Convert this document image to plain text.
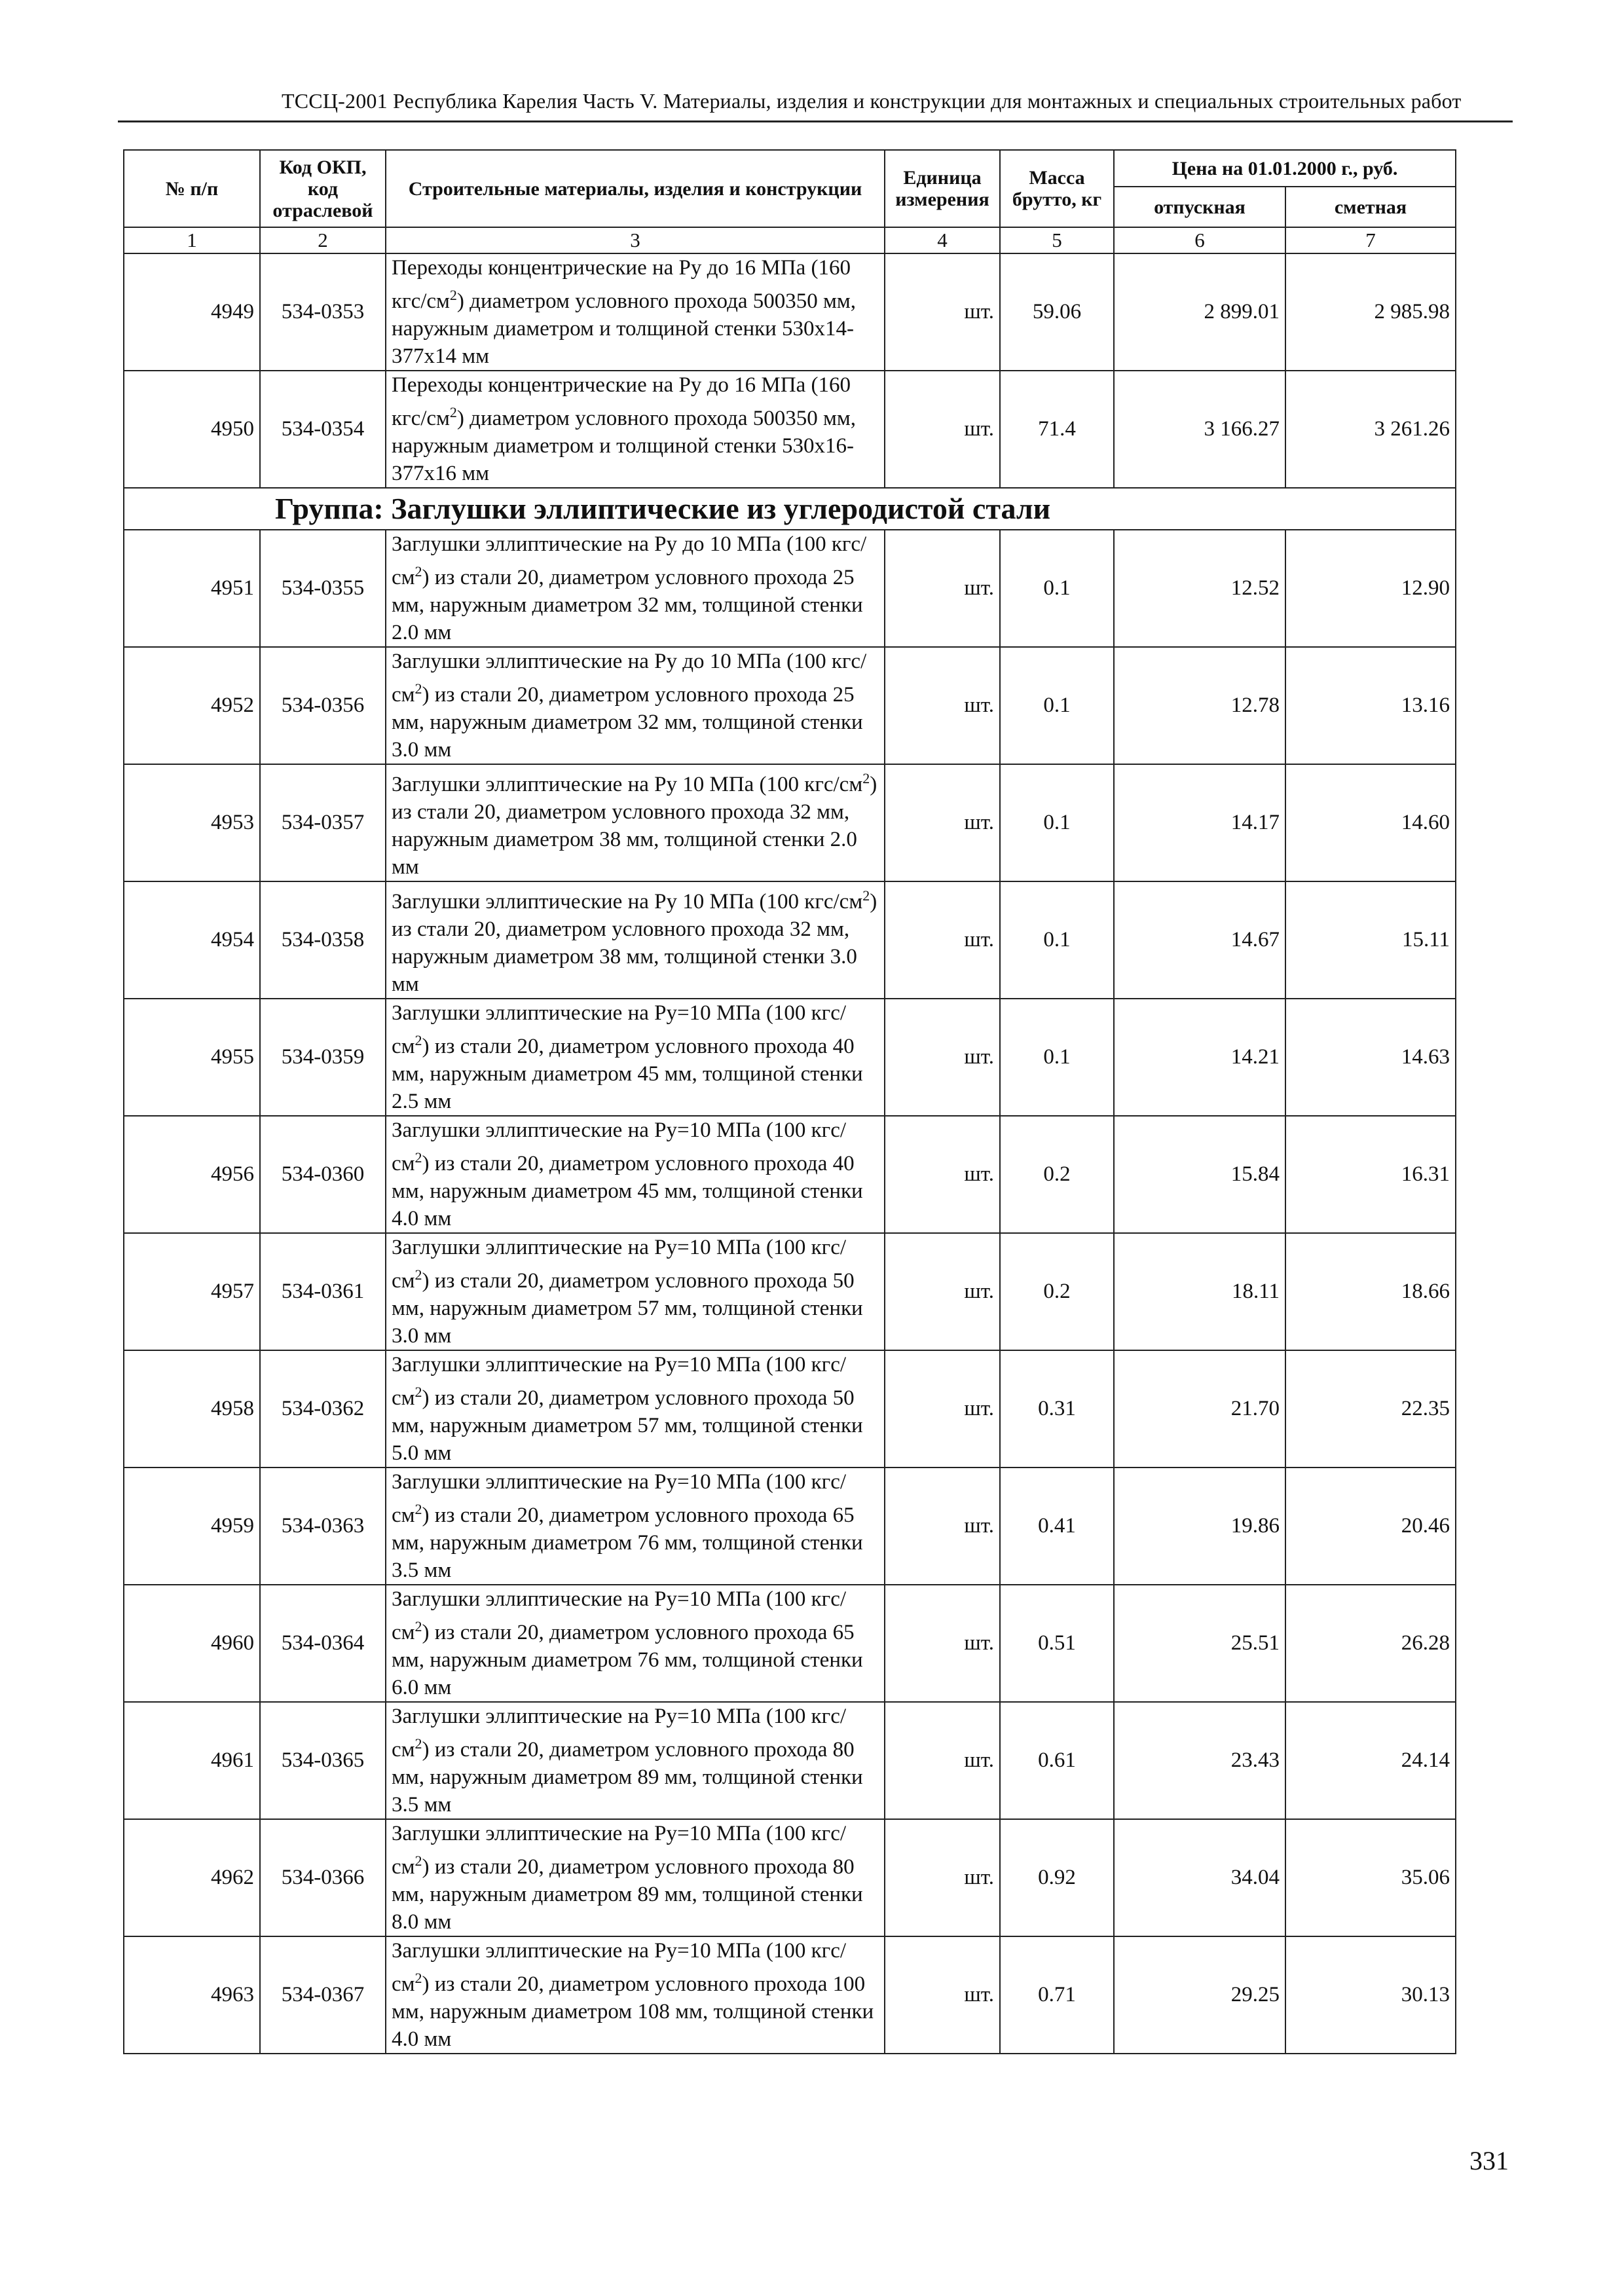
ТССЦ-2001 Республика Карелия Часть V. Материалы, изделия и конструкции для монтажных и специальных строительных работ
№ п/п	Код ОКП, код отраслевой	Строительные материалы, изделия и конструкции	Единица измерения	Масса брутто, кг	Цена на 01.01.2000 г., руб.	
					отпускная	сметная
1	2	3	4	5	6	7
4949	534-0353	Переходы концентрические на Ру до 16 МПа (160 кгс/$см^2$) диаметром условного прохода 500350 мм, наружным диаметром и толщиной стенки 530х14-377х14 мм	шт.	59.06	2 899.01	2 985.98
4950	534-0354	Переходы концентрические на Ру до 16 МПа (160 кгс/$см^2$) диаметром условного прохода 500350 мм, наружным диаметром и толщиной стенки 530х16-377х16 мм	шт.	71.4	3 166.27	3 261.26
Группа: Заглушки эллиптические из углеродистой стали						
4951	534-0355	Заглушки эллиптические на Ру до 10 МПа (100 кгс/$см^2$) из стали 20, диаметром условного прохода 25 мм, наружным диаметром 32 мм, толщиной стенки 2.0 мм	шт.	0.1	12.52	12.90
4952	534-0356	Заглушки эллиптические на Ру до 10 МПа (100 кгс/$см^2$) из стали 20, диаметром условного прохода 25 мм, наружным диаметром 32 мм, толщиной стенки 3.0 мм	шт.	0.1	12.78	13.16
4953	534-0357	Заглушки эллиптические на Ру 10 МПа (100 кгс/$см^2$) из стали 20, диаметром условного прохода 32 мм, наружным диаметром 38 мм, толщиной стенки 2.0 мм	шт.	0.1	14.17	14.60
4954	534-0358	Заглушки эллиптические на Ру 10 МПа (100 кгс/$см^2$) из стали 20, диаметром условного прохода 32 мм, наружным диаметром 38 мм, толщиной стенки 3.0 мм	шт.	0.1	14.67	15.11
4955	534-0359	Заглушки эллиптические на Ру=10 МПа (100 кгс/$см^2$) из стали 20, диаметром условного прохода 40 мм, наружным диаметром 45 мм, толщиной стенки 2.5 мм	шт.	0.1	14.21	14.63
4956	534-0360	Заглушки эллиптические на Ру=10 МПа (100 кгс/$см^2$) из стали 20, диаметром условного прохода 40 мм, наружным диаметром 45 мм, толщиной стенки 4.0 мм	шт.	0.2	15.84	16.31
4957	534-0361	Заглушки эллиптические на Ру=10 МПа (100 кгс/$см^2$) из стали 20, диаметром условного прохода 50 мм, наружным диаметром 57 мм, толщиной стенки 3.0 мм	шт.	0.2	18.11	18.66
4958	534-0362	Заглушки эллиптические на Ру=10 МПа (100 кгс/$см^2$) из стали 20, диаметром условного прохода 50 мм, наружным диаметром 57 мм, толщиной стенки 5.0 мм	шт.	0.31	21.70	22.35
4959	534-0363	Заглушки эллиптические на Ру=10 МПа (100 кгс/$см^2$) из стали 20, диаметром условного прохода 65 мм, наружным диаметром 76 мм, толщиной стенки 3.5 мм	шт.	0.41	19.86	20.46
4960	534-0364	Заглушки эллиптические на Ру=10 МПа (100 кгс/$см^2$) из стали 20, диаметром условного прохода 65 мм, наружным диаметром 76 мм, толщиной стенки 6.0 мм	шт.	0.51	25.51	26.28
4961	534-0365	Заглушки эллиптические на Ру=10 МПа (100 кгс/$см^2$) из стали 20, диаметром условного прохода 80 мм, наружным диаметром 89 мм, толщиной стенки 3.5 мм	шт.	0.61	23.43	24.14
4962	534-0366	Заглушки эллиптические на Ру=10 МПа (100 кгс/$см^2$) из стали 20, диаметром условного прохода 80 мм, наружным диаметром 89 мм, толщиной стенки 8.0 мм	шт.	0.92	34.04	35.06
4963	534-0367	Заглушки эллиптические на Ру=10 МПа (100 кгс/$см^2$) из стали 20, диаметром условного прохода 100 мм, наружным диаметром 108 мм, толщиной стенки 4.0 мм	шт.	0.71	29.25	30.13
331
